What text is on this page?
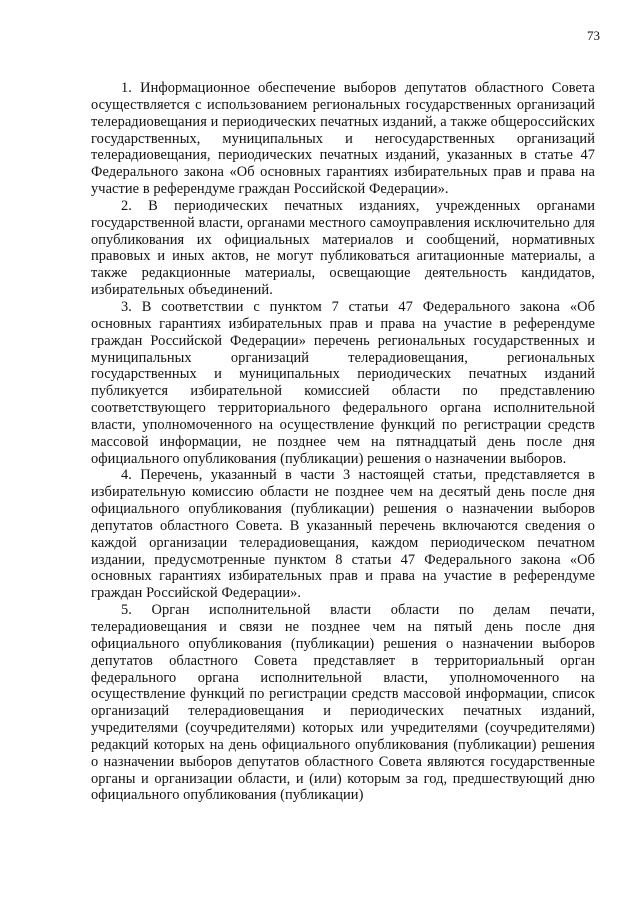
73

1. Информационное обеспечение выборов депутатов областного Совета осуществляется с использованием региональных государственных организаций телерадиовещания и периодических печатных изданий, а также общероссийских государственных, муниципальных и негосударственных организаций телерадиовещания, периодических печатных изданий, указанных в статье 47 Федерального закона «Об основных гарантиях избирательных прав и права на участие в референдуме граждан Российской Федерации».

2. В периодических печатных изданиях, учрежденных органами государственной власти, органами местного самоуправления исключительно для опубликования их официальных материалов и сообщений, нормативных правовых и иных актов, не могут публиковаться агитационные материалы, а также редакционные материалы, освещающие деятельность кандидатов, избирательных объединений.

3. В соответствии с пунктом 7 статьи 47 Федерального закона «Об основных гарантиях избирательных прав и права на участие в референдуме граждан Российской Федерации» перечень региональных государственных и муниципальных организаций телерадиовещания, региональных государственных и муниципальных периодических печатных изданий публикуется избирательной комиссией области по представлению соответствующего территориального федерального органа исполнительной власти, уполномоченного на осуществление функций по регистрации средств массовой информации, не позднее чем на пятнадцатый день после дня официального опубликования (публикации) решения о назначении выборов.

4. Перечень, указанный в части 3 настоящей статьи, представляется в избирательную комиссию области не позднее чем на десятый день после дня официального опубликования (публикации) решения о назначении выборов депутатов областного Совета. В указанный перечень включаются сведения о каждой организации телерадиовещания, каждом периодическом печатном издании, предусмотренные пунктом 8 статьи 47 Федерального закона «Об основных гарантиях избирательных прав и права на участие в референдуме граждан Российской Федерации».

5. Орган исполнительной власти области по делам печати, телерадиовещания и связи не позднее чем на пятый день после дня официального опубликования (публикации) решения о назначении выборов депутатов областного Совета представляет в территориальный орган федерального органа исполнительной власти, уполномоченного на осуществление функций по регистрации средств массовой информации, список организаций телерадиовещания и периодических печатных изданий, учредителями (соучредителями) которых или учредителями (соучредителями) редакций которых на день официального опубликования (публикации) решения о назначении выборов депутатов областного Совета являются государственные органы и организации области, и (или) которым за год, предшествующий дню официального опубликования (публикации)
